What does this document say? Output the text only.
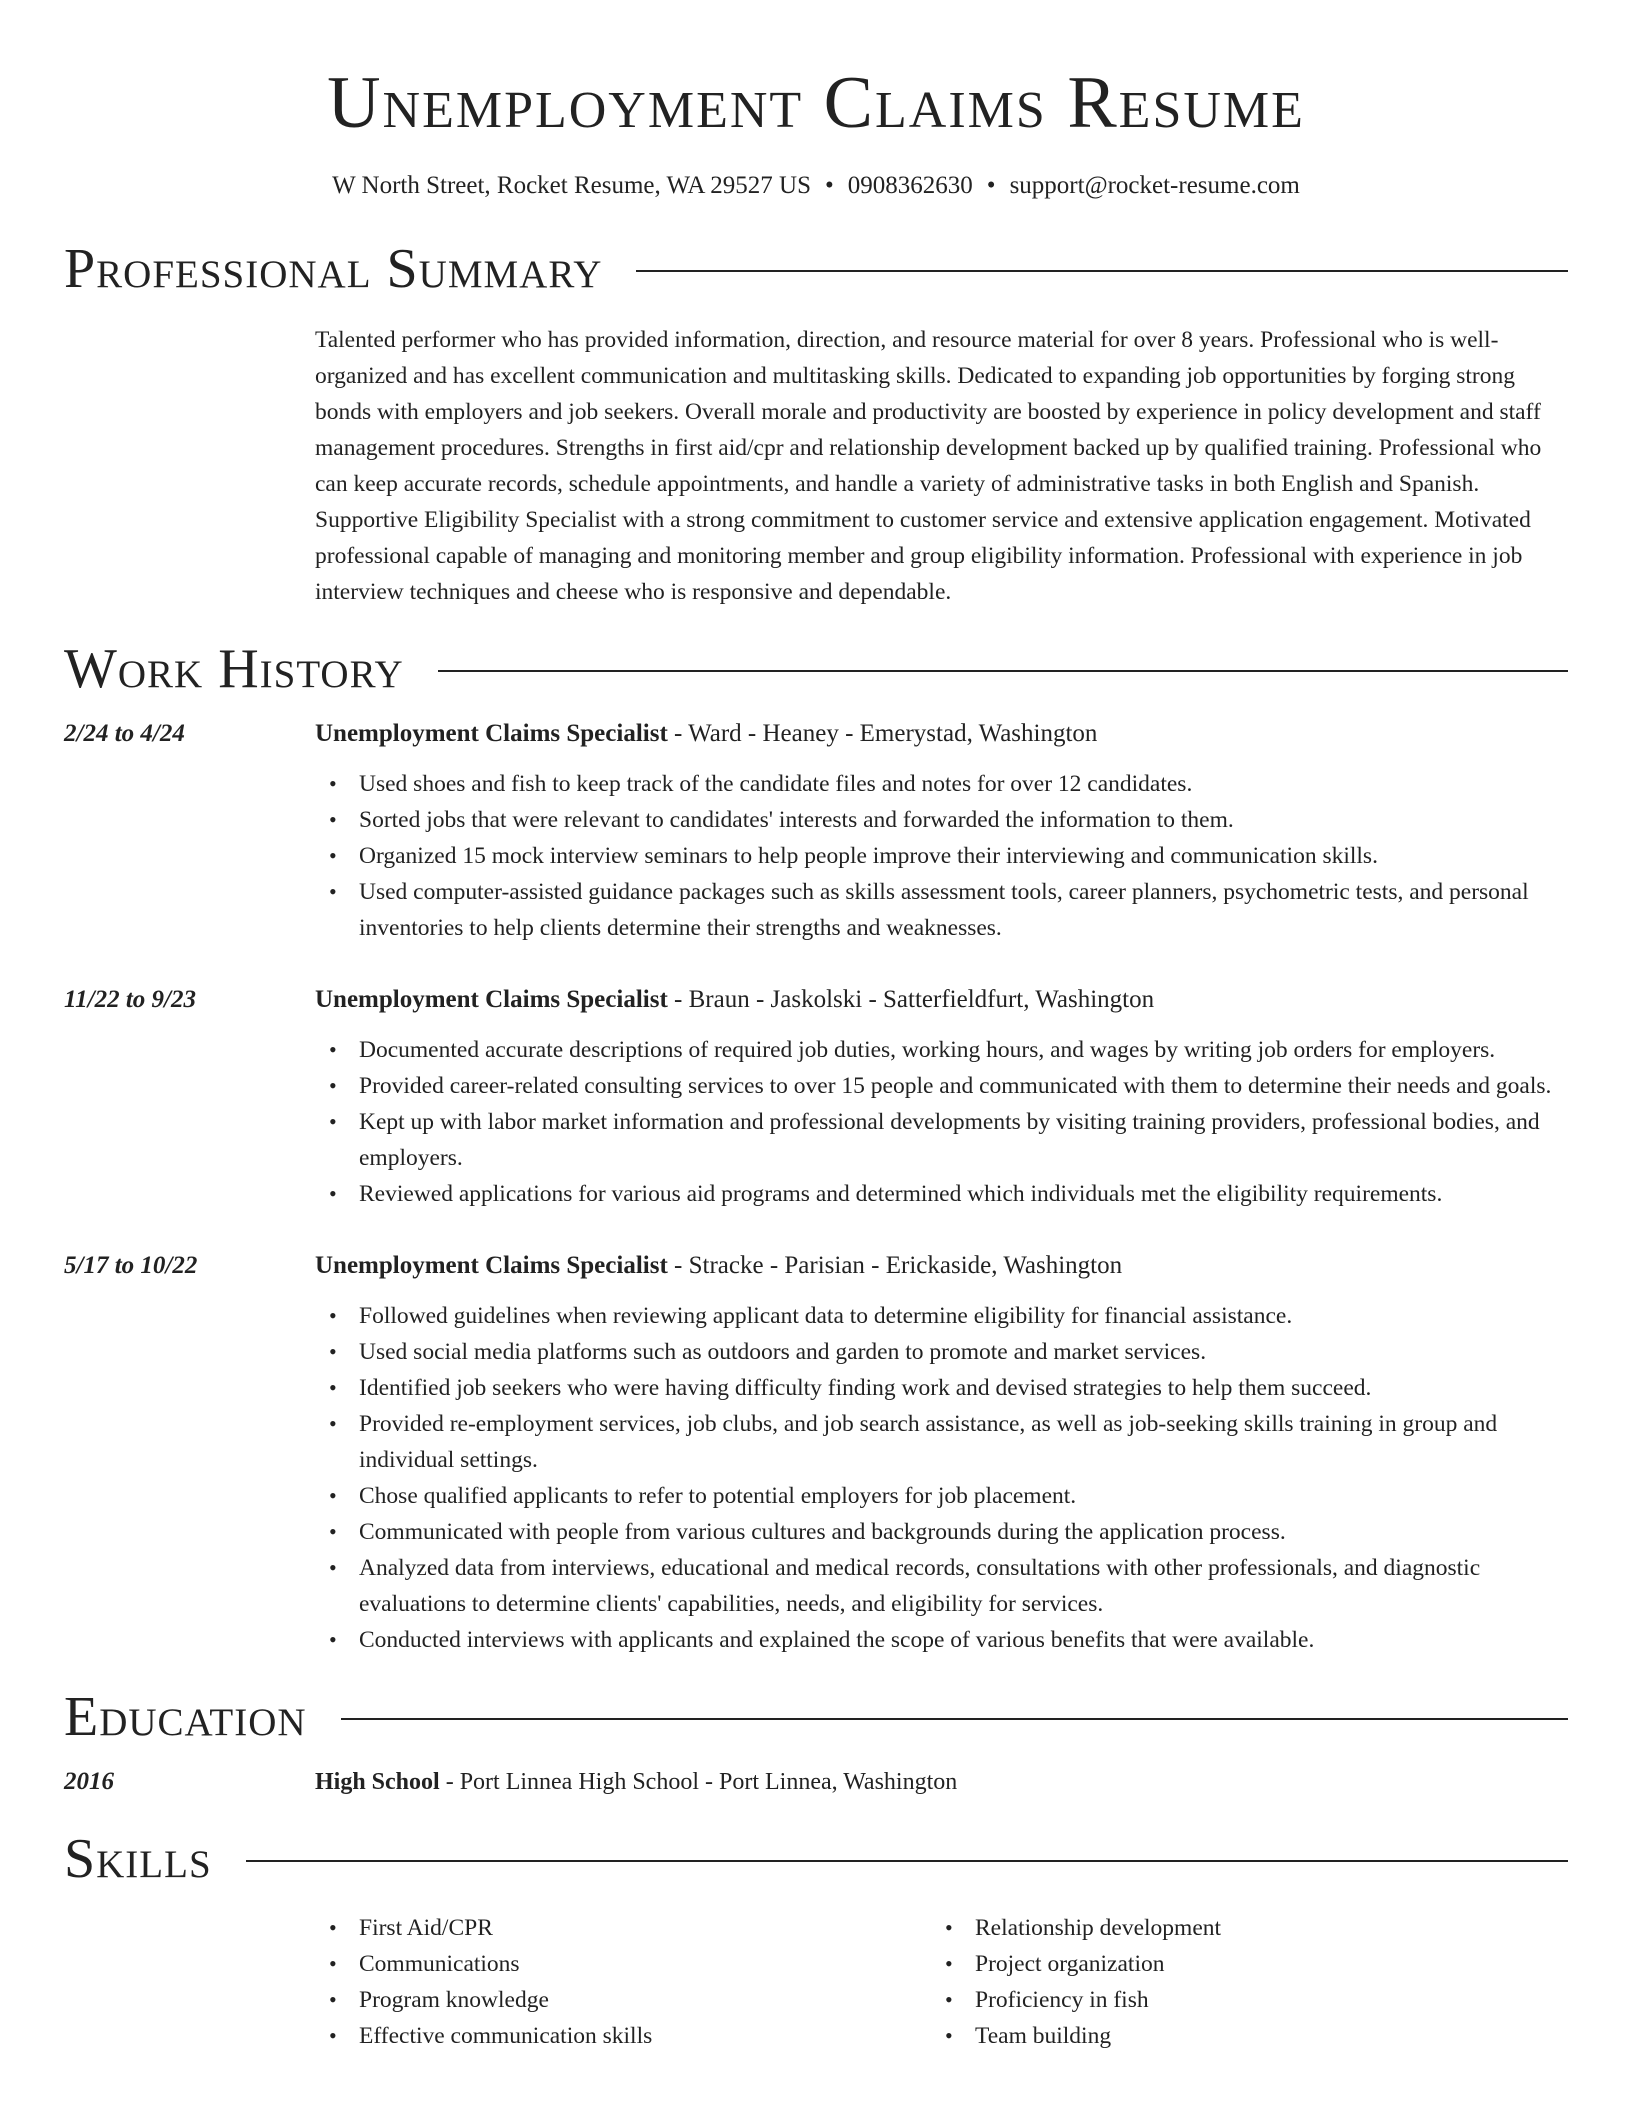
Unemployment Claims Resume
W North Street, Rocket Resume, WA 29527 US • 0908362630 • support@rocket-resume.com
Professional Summary
Talented performer who has provided information, direction, and resource material for over 8 years. Professional who is well-organized and has excellent communication and multitasking skills. Dedicated to expanding job opportunities by forging strong bonds with employers and job seekers. Overall morale and productivity are boosted by experience in policy development and staff management procedures. Strengths in first aid/cpr and relationship development backed up by qualified training. Professional who can keep accurate records, schedule appointments, and handle a variety of administrative tasks in both English and Spanish. Supportive Eligibility Specialist with a strong commitment to customer service and extensive application engagement. Motivated professional capable of managing and monitoring member and group eligibility information. Professional with experience in job interview techniques and cheese who is responsive and dependable.
Work History
2/24 to 4/24	Unemployment Claims Specialist - Ward - Heaney - Emerystad, Washington
• Used shoes and fish to keep track of the candidate files and notes for over 12 candidates.
• Sorted jobs that were relevant to candidates' interests and forwarded the information to them.
• Organized 15 mock interview seminars to help people improve their interviewing and communication skills.
• Used computer-assisted guidance packages such as skills assessment tools, career planners, psychometric tests, and personal inventories to help clients determine their strengths and weaknesses.
11/22 to 9/23	Unemployment Claims Specialist - Braun - Jaskolski - Satterfieldfurt, Washington
• Documented accurate descriptions of required job duties, working hours, and wages by writing job orders for employers.
• Provided career-related consulting services to over 15 people and communicated with them to determine their needs and goals.
• Kept up with labor market information and professional developments by visiting training providers, professional bodies, and employers.
• Reviewed applications for various aid programs and determined which individuals met the eligibility requirements.
5/17 to 10/22	Unemployment Claims Specialist - Stracke - Parisian - Erickaside, Washington
• Followed guidelines when reviewing applicant data to determine eligibility for financial assistance.
• Used social media platforms such as outdoors and garden to promote and market services.
• Identified job seekers who were having difficulty finding work and devised strategies to help them succeed.
• Provided re-employment services, job clubs, and job search assistance, as well as job-seeking skills training in group and individual settings.
• Chose qualified applicants to refer to potential employers for job placement.
• Communicated with people from various cultures and backgrounds during the application process.
• Analyzed data from interviews, educational and medical records, consultations with other professionals, and diagnostic evaluations to determine clients' capabilities, needs, and eligibility for services.
• Conducted interviews with applicants and explained the scope of various benefits that were available.
Education
2016	High School - Port Linnea High School - Port Linnea, Washington
Skills
• First Aid/CPR
• Communications
• Program knowledge
• Effective communication skills
• Relationship development
• Project organization
• Proficiency in fish
• Team building
